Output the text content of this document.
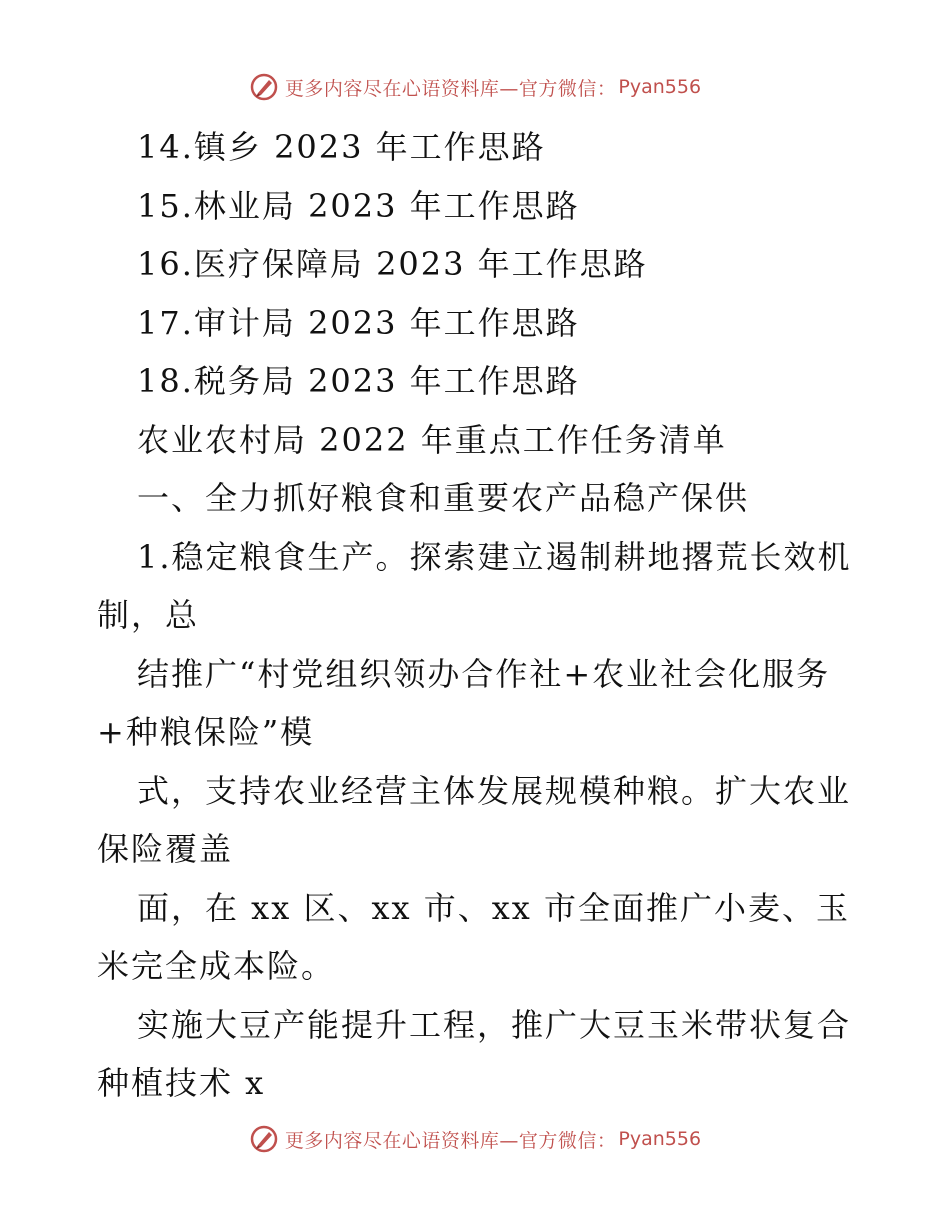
更多内容尽在心语资料库—官方微信： Pyan556
14.镇乡 2023 年工作思路
15.林业局 2023 年工作思路
16.医疗保障局 2023 年工作思路
17.审计局 2023 年工作思路
18.税务局 2023 年工作思路
农业农村局 2022 年重点工作任务清单
一、全力抓好粮食和重要农产品稳产保供
1.稳定粮食生产。探索建立遏制耕地撂荒长效机
制，总
结推广“村党组织领办合作社+农业社会化服务
+种粮保险”模
式，支持农业经营主体发展规模种粮。扩大农业
保险覆盖
面，在 xx 区、xx 市、xx 市全面推广小麦、玉
米完全成本险。
实施大豆产能提升工程，推广大豆玉米带状复合
种植技术 x
更多内容尽在心语资料库—官方微信： Pyan556
